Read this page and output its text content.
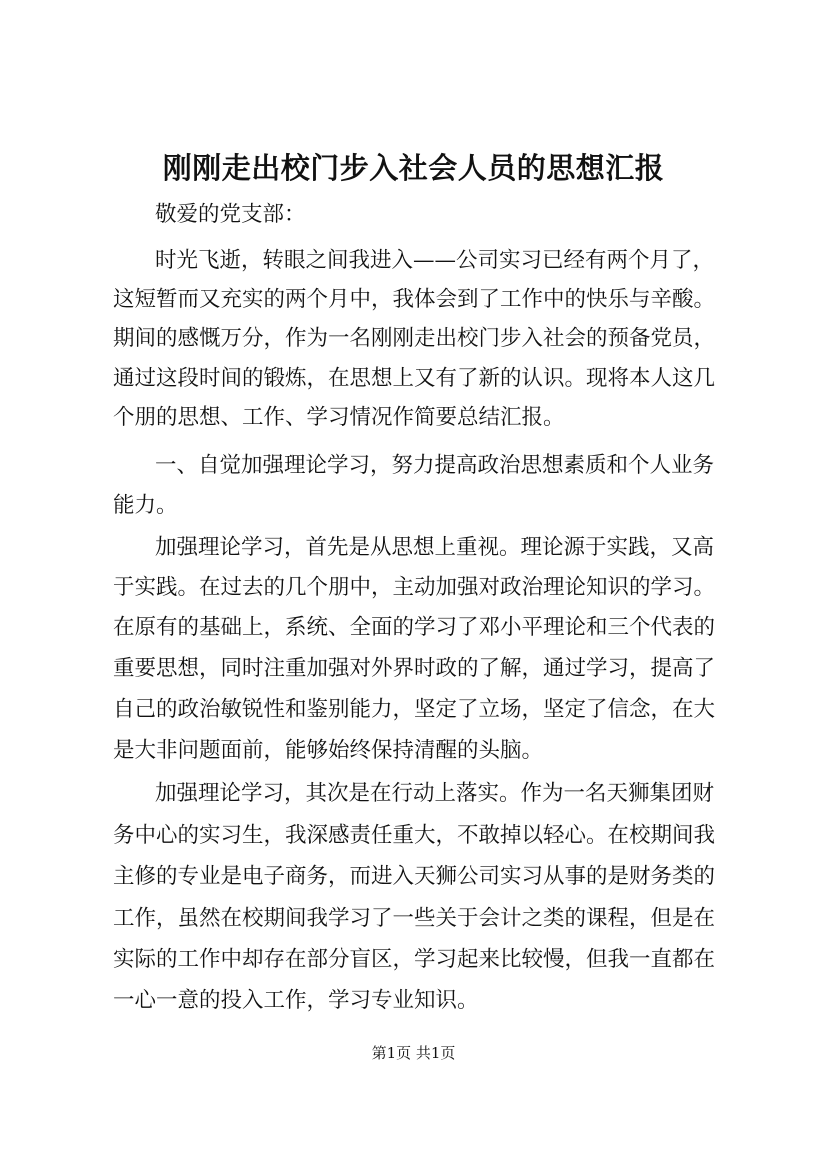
刚刚走出校门步入社会人员的思想汇报
敬爱的党支部：
时光飞逝，转眼之间我进入——公司实习已经有两个月了，
这短暂而又充实的两个月中，我体会到了工作中的快乐与辛酸。
期间的感慨万分，作为一名刚刚走出校门步入社会的预备党员，
通过这段时间的锻炼，在思想上又有了新的认识。现将本人这几
个朋的思想、工作、学习情况作简要总结汇报。
一、自觉加强理论学习，努力提高政治思想素质和个人业务
能力。
加强理论学习，首先是从思想上重视。理论源于实践，又高
于实践。在过去的几个朋中，主动加强对政治理论知识的学习。
在原有的基础上，系统、全面的学习了邓小平理论和三个代表的
重要思想，同时注重加强对外界时政的了解，通过学习，提高了
自己的政治敏锐性和鉴别能力，坚定了立场，坚定了信念，在大
是大非问题面前，能够始终保持清醒的头脑。
加强理论学习，其次是在行动上落实。作为一名天狮集团财
务中心的实习生，我深感责任重大，不敢掉以轻心。在校期间我
主修的专业是电子商务，而进入天狮公司实习从事的是财务类的
工作，虽然在校期间我学习了一些关于会计之类的课程，但是在
实际的工作中却存在部分盲区，学习起来比较慢，但我一直都在
一心一意的投入工作，学习专业知识。
第1页 共1页
